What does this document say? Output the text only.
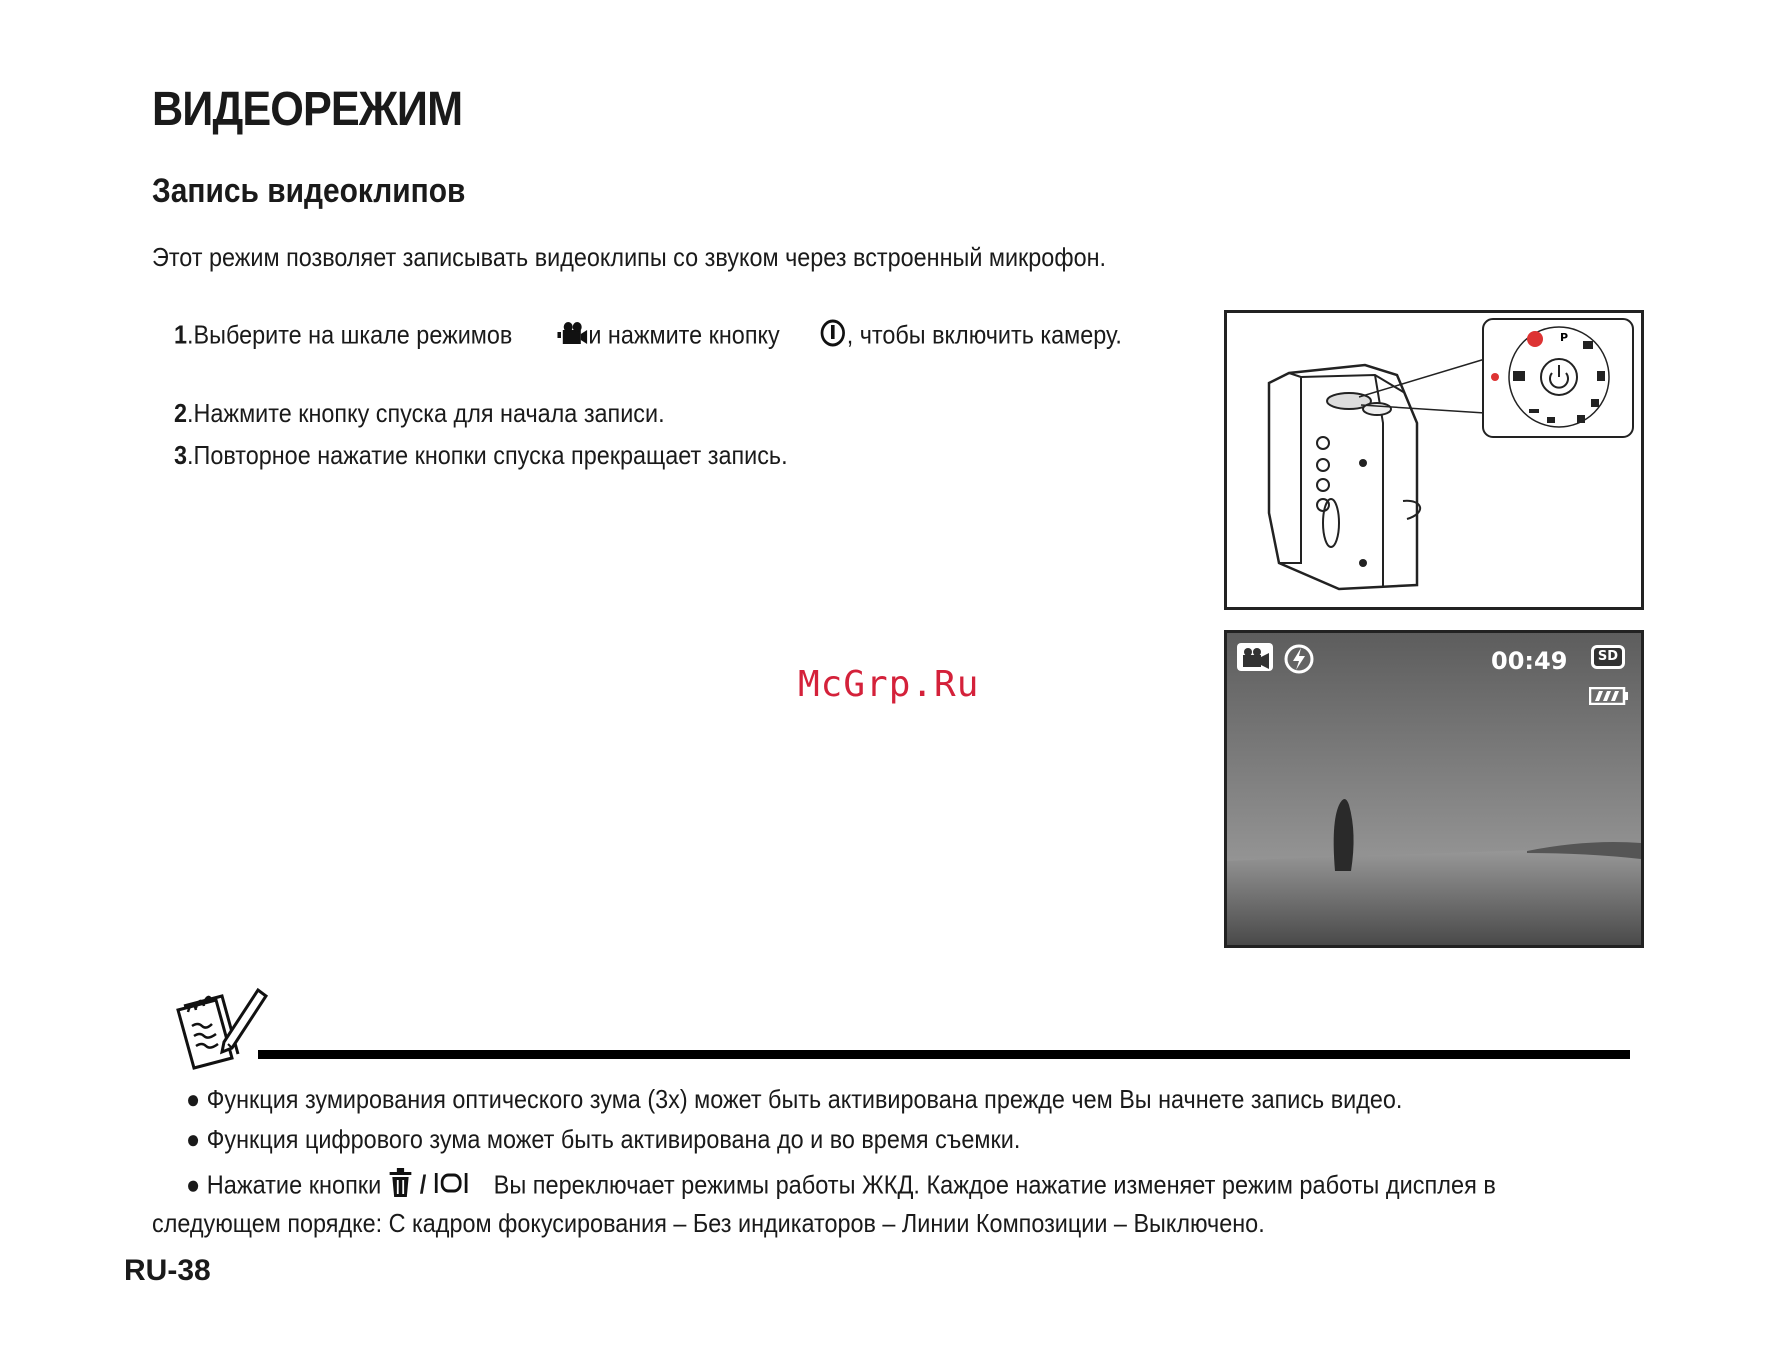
ВИДЕОРЕЖИМ
Запись видеоклипов
Этот режим позволяет записывать видеоклипы со звуком через встроенный микрофон.
1.Выберите на шкале режимов	и нажмите кнопку	, чтобы включить камеру.
2.Нажмите кнопку спуска для начала записи.
3.Повторное нажатие кнопки спуска прекращает запись.
P
00:49	SD
McGrp.Ru
● Функция зумирования оптического зума (3x) может быть активирована прежде чем Вы начнете запись видео.
● Функция цифрового зума может быть активирована до и во время съемки.
● Нажатие кнопки /	Вы переключает режимы работы ЖКД. Каждое нажатие изменяет режим работы дисплея в
следующем порядке: С кадром фокусирования – Без индикаторов – Линии Композиции – Выключено.
RU-38
